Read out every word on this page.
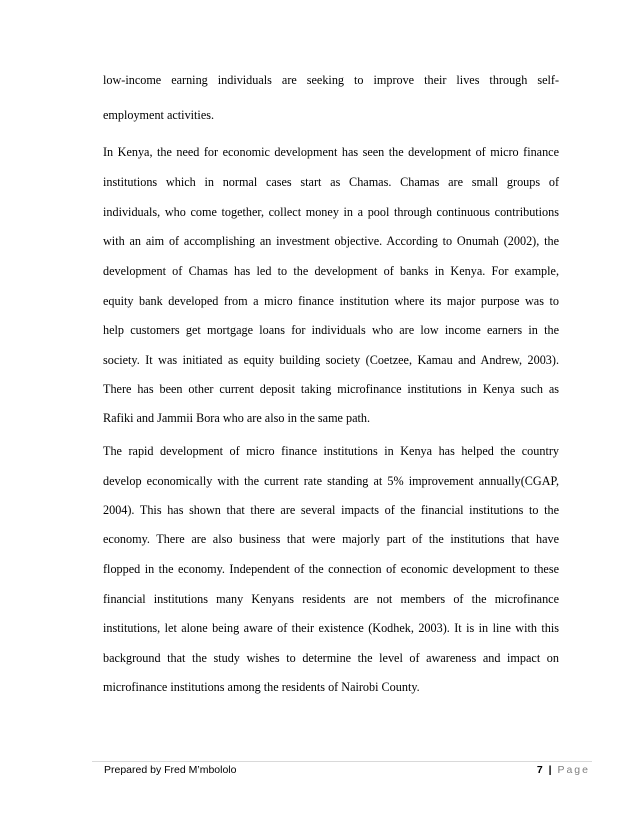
low-income earning individuals are seeking to improve their lives through self-
employment activities.
In Kenya, the need for economic development has seen the development of micro finance
institutions which in normal cases start as Chamas. Chamas are small groups of
individuals, who come together, collect money in a pool through continuous contributions
with an aim of accomplishing an investment objective. According to Onumah (2002), the
development of Chamas has led to the development of banks in Kenya. For example,
equity bank developed from a micro finance institution where its major purpose was to
help customers get mortgage loans for individuals who are low income earners in the
society. It was initiated as equity building society (Coetzee, Kamau and Andrew, 2003).
There has been other current deposit taking microfinance institutions in Kenya such as
Rafiki and Jammii Bora who are also in the same path.
The rapid development of micro finance institutions in Kenya has helped the country
develop economically with the current rate standing at 5% improvement annually(CGAP,
2004). This has shown that there are several impacts of the financial institutions to the
economy. There are also business that were majorly part of the institutions that have
flopped in the economy. Independent of the connection of economic development to these
financial institutions many Kenyans residents are not members of the microfinance
institutions, let alone being aware of their existence (Kodhek, 2003). It is in line with this
background that the study wishes to determine the level of awareness and impact on
microfinance institutions among the residents of Nairobi County.
Prepared by Fred M’mbololo	7 | Page
